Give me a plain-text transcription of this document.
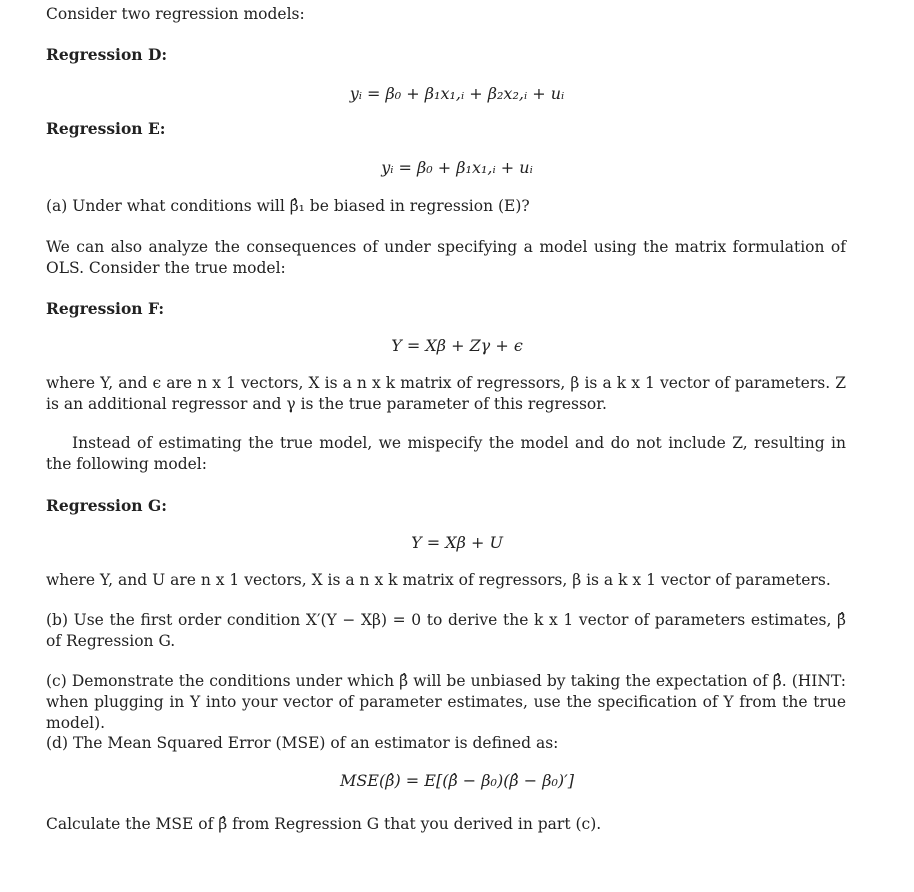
Consider two regression models:
Regression D:
yᵢ = β₀ + β₁x₁,ᵢ + β₂x₂,ᵢ + uᵢ
Regression E:
yᵢ = β₀ + β₁x₁,ᵢ + uᵢ
(a) Under what conditions will β̂₁ be biased in regression (E)?
We can also analyze the consequences of under specifying a model using the matrix formulation of OLS. Consider the true model:
Regression F:
Y = Xβ + Zγ + ϵ
where Y, and ϵ are n x 1 vectors, X is a n x k matrix of regressors, β is a k x 1 vector of parameters. Z is an additional regressor and γ is the true parameter of this regressor.
Instead of estimating the true model, we mispecify the model and do not include Z, resulting in the following model:
Regression G:
Y = Xβ + U
where Y, and U are n x 1 vectors, X is a n x k matrix of regressors, β is a k x 1 vector of parameters.
(b) Use the first order condition X′(Y − Xβ) = 0 to derive the k x 1 vector of parameters estimates, β̂ of Regression G.
(c) Demonstrate the conditions under which β̂ will be unbiased by taking the expectation of β̂. (HINT: when plugging in Y into your vector of parameter estimates, use the specification of Y from the true model).
(d) The Mean Squared Error (MSE) of an estimator is defined as:
MSE(β̂) = E[(β̂ − β₀)(β̂ − β₀)′]
Calculate the MSE of β̂ from Regression G that you derived in part (c).
